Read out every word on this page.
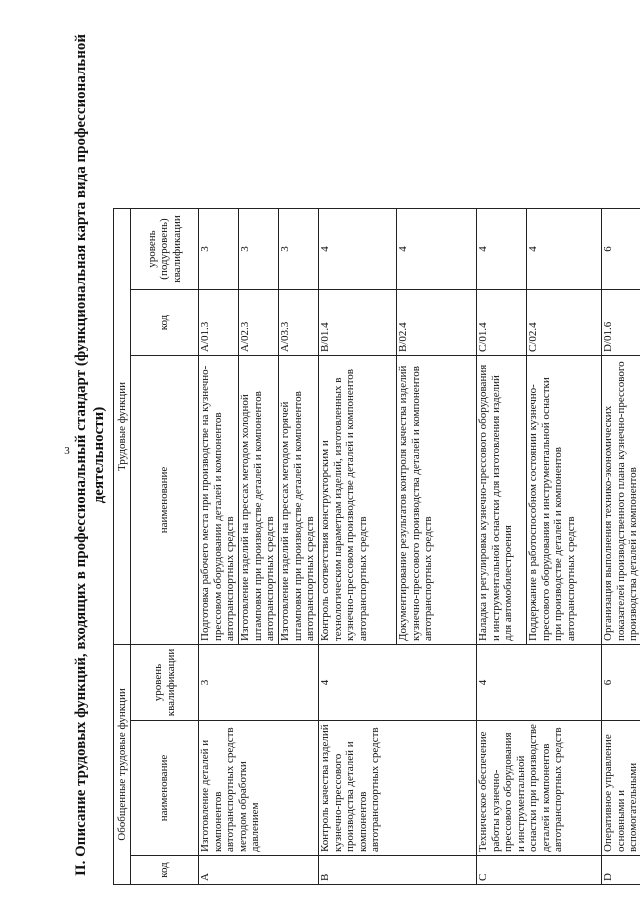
3 II. Описание трудовых функций, входящих в профессиональный стандарт (функциональная карта вида профессиональной деятельности)
Обобщенные трудовые функции			Трудовые функции		
код	наименование	уровень квалификации	наименование	код	уровень (подуровень) квалификации
A	Изготовление деталей и компонентов автотранспортных средств методом обработки давлением	3	Подготовка рабочего места при производстве на кузнечно-прессовом оборудовании деталей и компонентов автотранспортных средств	A/01.3	3
			Изготовление изделий на прессах методом холодной штамповки при производстве деталей и компонентов автотранспортных средств	A/02.3	3
			Изготовление изделий на прессах методом горячей штамповки при производстве деталей и компонентов автотранспортных средств	A/03.3	3
B	Контроль качества изделий кузнечно-прессового производства деталей и компонентов автотранспортных средств	4	Контроль соответствия конструкторским и технологическим параметрам изделий, изготовленных в кузнечно-прессовом производстве деталей и компонентов автотранспортных средств	B/01.4	4
			Документирование результатов контроля качества изделий кузнечно-прессового производства деталей и компонентов автотранспортных средств	B/02.4	4
C	Техническое обеспечение работы кузнечно-прессового оборудования и инструментальной оснастки при производстве деталей и компонентов автотранспортных средств	4	Наладка и регулировка кузнечно-прессового оборудования и инструментальной оснастки для изготовления изделий для автомобилестроения	C/01.4	4
			Поддержание в работоспособном состоянии кузнечно-прессового оборудования и инструментальной оснастки при производстве деталей и компонентов автотранспортных средств	C/02.4	4
D	Оперативное управление основными и вспомогательными	6	Организация выполнения технико-экономических показателей производственного плана кузнечно-прессового производства деталей и компонентов	D/01.6	6
